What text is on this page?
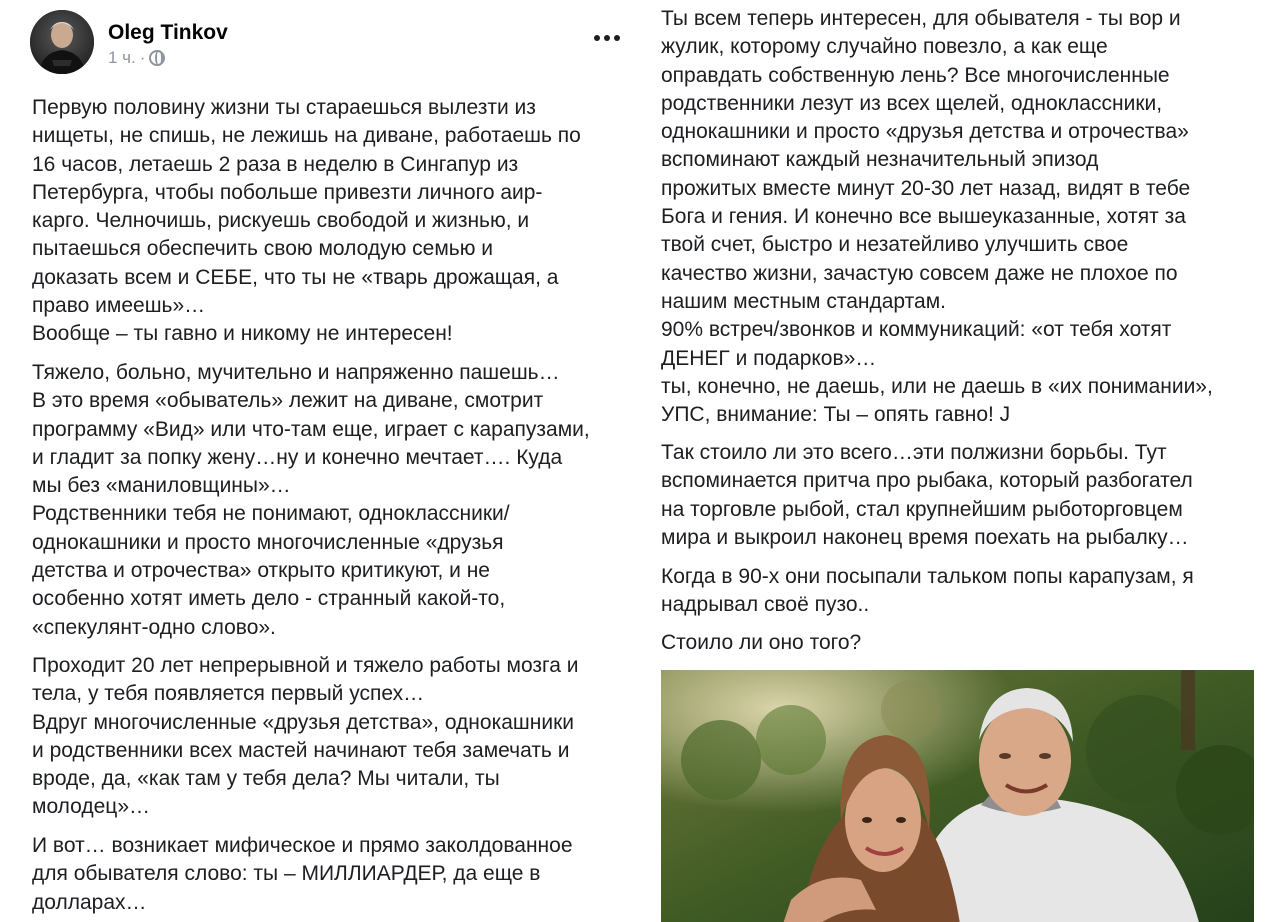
Oleg Tinkov
1 ч. ·
Первую половину жизни ты стараешься вылезти из
нищеты, не спишь, не лежишь на диване, работаешь по
16 часов, летаешь 2 раза в неделю в Сингапур из
Петербурга, чтобы побольше привезти личного аир-
карго. Челночишь, рискуешь свободой и жизнью, и
пытаешься обеспечить свою молодую семью и
доказать всем и СЕБЕ, что ты не «тварь дрожащая, а
право имеешь»…
Вообще – ты гавно и никому не интересен!
Тяжело, больно, мучительно и напряженно пашешь…
В это время «обыватель» лежит на диване, смотрит
программу «Вид» или что-там еще, играет с карапузами,
и гладит за попку жену…ну и конечно мечтает…. Куда
мы без «маниловщины»…
Родственники тебя не понимают, одноклассники/
однокашники и просто многочисленные «друзья
детства и отрочества» открыто критикуют, и не
особенно хотят иметь дело - странный какой-то,
«спекулянт-одно слово».
Проходит 20 лет непрерывной и тяжело работы мозга и
тела, у тебя появляется первый успех…
Вдруг многочисленные «друзья детства», однокашники
и родственники всех мастей начинают тебя замечать и
вроде, да, «как там у тебя дела? Мы читали, ты
молодец»…
И вот… возникает мифическое и прямо заколдованное
для обывателя слово: ты – МИЛЛИАРДЕР, да еще в
долларах…
Ты всем теперь интересен, для обывателя - ты вор и
жулик, которому случайно повезло, а как еще
оправдать собственную лень? Все многочисленные
родственники лезут из всех щелей, одноклассники,
однокашники и просто «друзья детства и отрочества»
вспоминают каждый незначительный эпизод
прожитых вместе минут 20-30 лет назад, видят в тебе
Бога и гения. И конечно все вышеуказанные, хотят за
твой счет, быстро и незатейливо улучшить свое
качество жизни, зачастую совсем даже не плохое по
нашим местным стандартам.
90% встреч/звонков и коммуникаций: «от тебя хотят
ДЕНЕГ и подарков»…
ты, конечно, не даешь, или не даешь в «их понимании»,
УПС, внимание: Ты – опять гавно! J
Так стоило ли это всего…эти полжизни борьбы. Тут
вспоминается притча про рыбака, который разбогател
на торговле рыбой, стал крупнейшим рыботорговцем
мира и выкроил наконец время поехать на рыбалку…
Когда в 90-х они посыпали тальком попы карапузам, я
надрывал своё пузо..
Стоило ли оно того?
